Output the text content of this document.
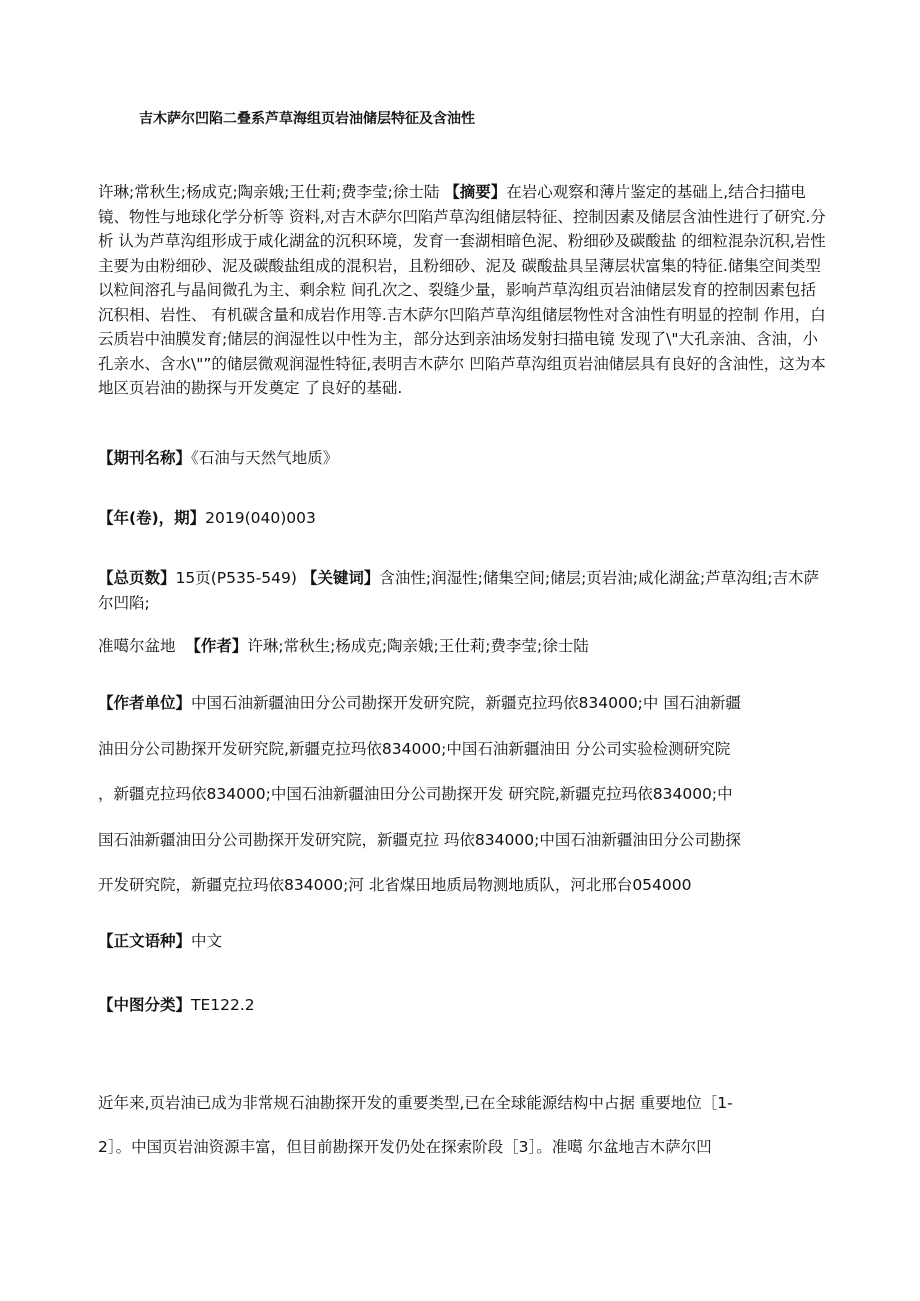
吉木萨尔凹陷二叠系芦草海组页岩油储层特征及含油性

许琳;常秋生;杨成克;陶亲娥;王仕莉;费李莹;徐士陆 【摘要】在岩心观察和薄片鉴定的基础上,结合扫描电镜、物性与地球化学分析等 资料,对吉木萨尔凹陷芦草沟组储层特征、控制因素及储层含油性进行了研究.分析 认为芦草沟组形成于咸化湖盆的沉积环境，发育一套湖相暗色泥、粉细砂及碳酸盐 的细粒混杂沉积,岩性主要为由粉细砂、泥及碳酸盐组成的混积岩，且粉细砂、泥及 碳酸盐具呈薄层状富集的特征.储集空间类型以粒间溶孔与晶间微孔为主、剩余粒 间孔次之、裂缝少量，影响芦草沟组页岩油储层发育的控制因素包括沉积相、岩性、 有机碳含量和成岩作用等.吉木萨尔凹陷芦草沟组储层物性对含油性有明显的控制 作用，白云质岩中油膜发育;储层的润湿性以中性为主，部分达到亲油场发射扫描电镜 发现了\"大孔亲油、含油，小孔亲水、含水\"”的储层微观润湿性特征,表明吉木萨尔 凹陷芦草沟组页岩油储层具有良好的含油性，这为本地区页岩油的勘探与开发奠定 了良好的基础.

【期刊名称】《石油与天然气地质》
【年(卷)，期】2019(040)003

【总页数】15页(P535-549) 【关键词】含油性;润湿性;储集空间;储层;页岩油;咸化湖盆;芦草沟组;吉木萨尔凹陷;

准噶尔盆地 【作者】许琳;常秋生;杨成克;陶亲娥;王仕莉;费李莹;徐士陆
【作者单位】中国石油新疆油田分公司勘探开发研究院，新疆克拉玛依834000;中 国石油新疆
油田分公司勘探开发研究院,新疆克拉玛依834000;中国石油新疆油田 分公司实验检测研究院
，新疆克拉玛依834000;中国石油新疆油田分公司勘探开发 研究院,新疆克拉玛依834000;中
国石油新疆油田分公司勘探开发研究院，新疆克拉 玛依834000;中国石油新疆油田分公司勘探
开发研究院，新疆克拉玛依834000;河 北省煤田地质局物测地质队，河北邢台054000
【正文语种】中文
【中图分类】TE122.2
近年来,页岩油已成为非常规石油勘探开发的重要类型,已在全球能源结构中占据 重要地位［1-
2］。中国页岩油资源丰富，但目前勘探开发仍处在探索阶段［3］。准噶 尔盆地吉木萨尔凹
